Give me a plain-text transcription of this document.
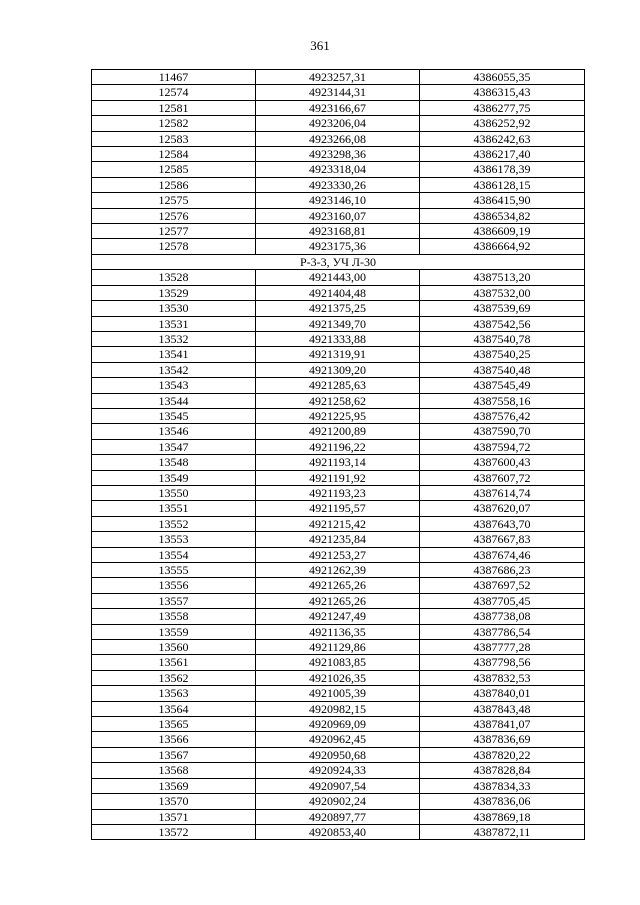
361
11467	4923257,31	4386055,35
12574	4923144,31	4386315,43
12581	4923166,67	4386277,75
12582	4923206,04	4386252,92
12583	4923266,08	4386242,63
12584	4923298,36	4386217,40
12585	4923318,04	4386178,39
12586	4923330,26	4386128,15
12575	4923146,10	4386415,90
12576	4923160,07	4386534,82
12577	4923168,81	4386609,19
12578	4923175,36	4386664,92
Р-3-3, УЧ Л-30		
13528	4921443,00	4387513,20
13529	4921404,48	4387532,00
13530	4921375,25	4387539,69
13531	4921349,70	4387542,56
13532	4921333,88	4387540,78
13541	4921319,91	4387540,25
13542	4921309,20	4387540,48
13543	4921285,63	4387545,49
13544	4921258,62	4387558,16
13545	4921225,95	4387576,42
13546	4921200,89	4387590,70
13547	4921196,22	4387594,72
13548	4921193,14	4387600,43
13549	4921191,92	4387607,72
13550	4921193,23	4387614,74
13551	4921195,57	4387620,07
13552	4921215,42	4387643,70
13553	4921235,84	4387667,83
13554	4921253,27	4387674,46
13555	4921262,39	4387686,23
13556	4921265,26	4387697,52
13557	4921265,26	4387705,45
13558	4921247,49	4387738,08
13559	4921136,35	4387786,54
13560	4921129,86	4387777,28
13561	4921083,85	4387798,56
13562	4921026,35	4387832,53
13563	4921005,39	4387840,01
13564	4920982,15	4387843,48
13565	4920969,09	4387841,07
13566	4920962,45	4387836,69
13567	4920950,68	4387820,22
13568	4920924,33	4387828,84
13569	4920907,54	4387834,33
13570	4920902,24	4387836,06
13571	4920897,77	4387869,18
13572	4920853,40	4387872,11
